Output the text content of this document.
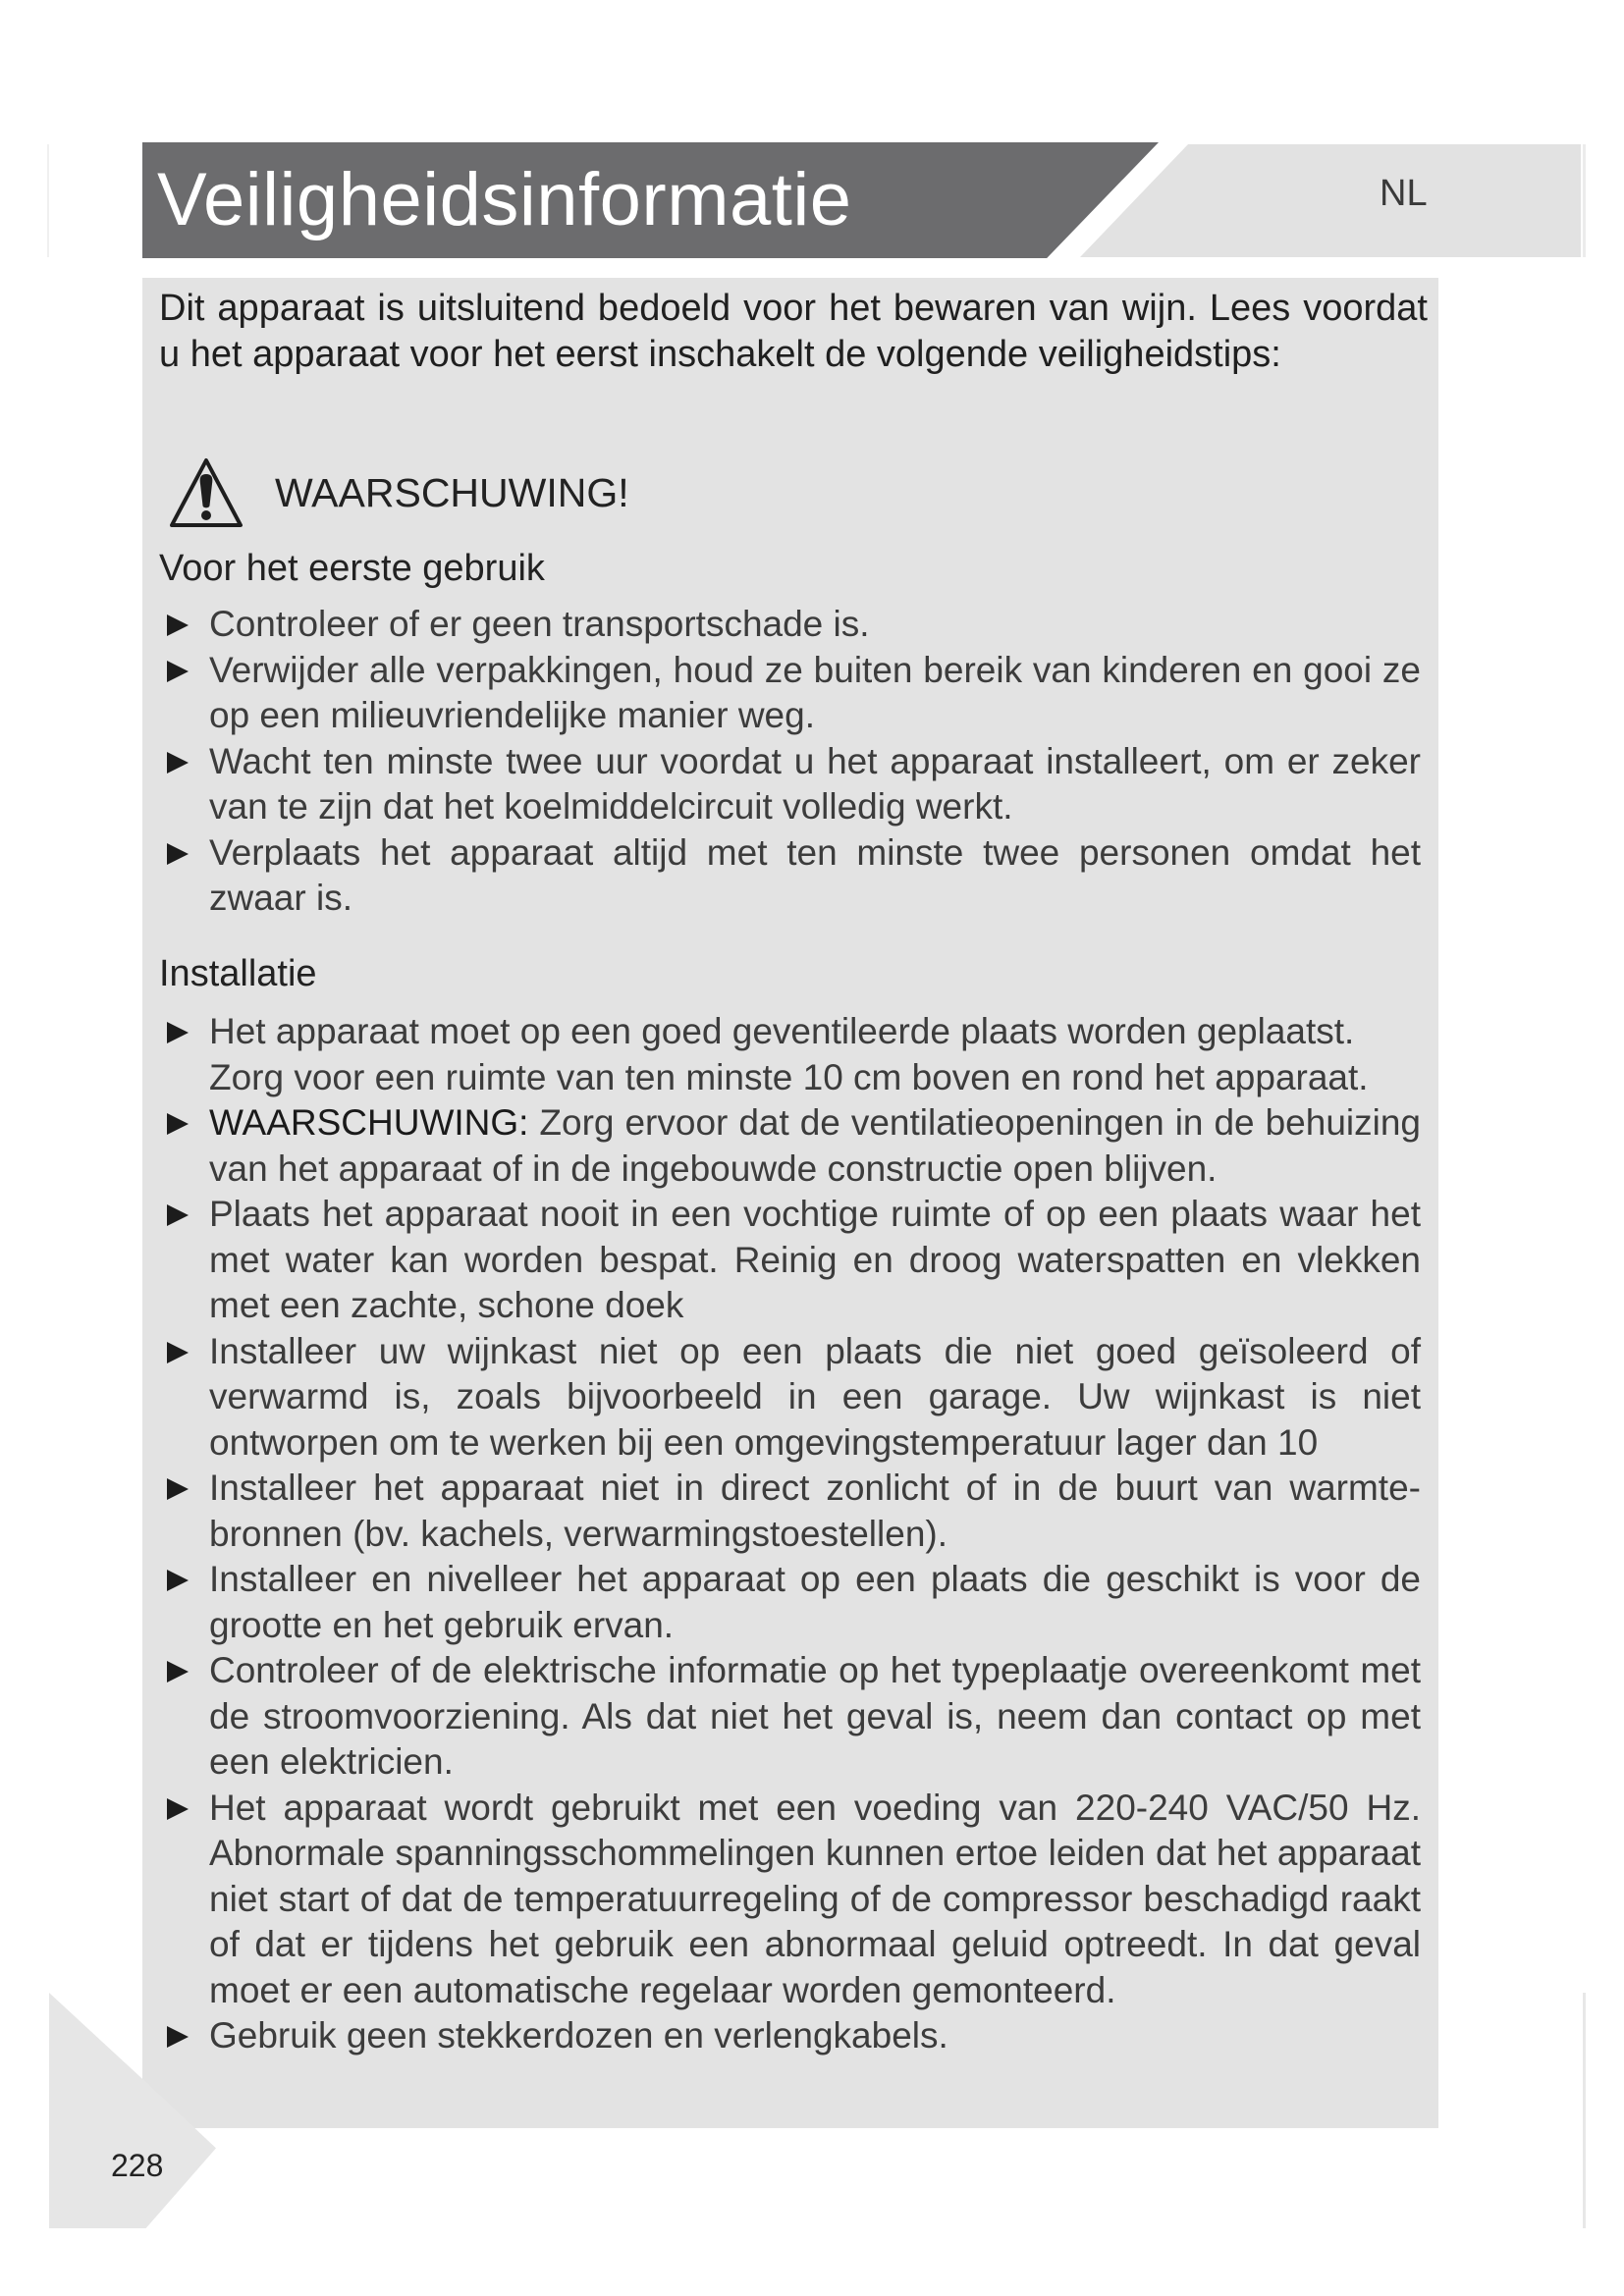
Veiligheidsinformatie	NL

Dit apparaat is uitsluitend bedoeld voor het bewaren van wijn. Lees voordat u het apparaat voor het eerst inschakelt de volgende veiligheidstips:

WAARSCHUWING!
Voor het eerste gebruik
Controleer of er geen transportschade is.
Verwijder alle verpakkingen, houd ze buiten bereik van kinderen en gooi ze op een milieuvriendelijke manier weg.
Wacht ten minste twee uur voordat u het apparaat installeert, om er zeker van te zijn dat het koelmiddelcircuit volledig werkt.
Verplaats het apparaat altijd met ten minste twee personen omdat het zwaar is.
Installatie
Het apparaat moet op een goed geventileerde plaats worden geplaatst.
Zorg voor een ruimte van ten minste 10 cm boven en rond het apparaat.
WAARSCHUWING: Zorg ervoor dat de ventilatieopeningen in de behuizing van het apparaat of in de ingebouwde constructie open blijven.
Plaats het apparaat nooit in een vochtige ruimte of op een plaats waar het met water kan worden bespat. Reinig en droog waterspatten en vlekken met een zachte, schone doek
Installeer uw wijnkast niet op een plaats die niet goed geïsoleerd of verwarmd is, zoals bijvoorbeeld in een garage. Uw wijnkast is niet ontworpen om te werken bij een omgevingstemperatuur lager dan 10
Installeer het apparaat niet in direct zonlicht of in de buurt van warmtebronnen (bv. kachels, verwarmingstoestellen).
Installeer en nivelleer het apparaat op een plaats die geschikt is voor de grootte en het gebruik ervan.
Controleer of de elektrische informatie op het typeplaatje overeenkomt met de stroomvoorziening. Als dat niet het geval is, neem dan contact op met een elektricien.
Het apparaat wordt gebruikt met een voeding van 220-240 VAC/50 Hz. Abnormale spanningsschommelingen kunnen ertoe leiden dat het apparaat niet start of dat de temperatuurregeling of de compressor beschadigd raakt of dat er tijdens het gebruik een abnormaal geluid optreedt. In dat geval moet er een automatische regelaar worden gemonteerd.
Gebruik geen stekkerdozen en verlengkabels.
228
